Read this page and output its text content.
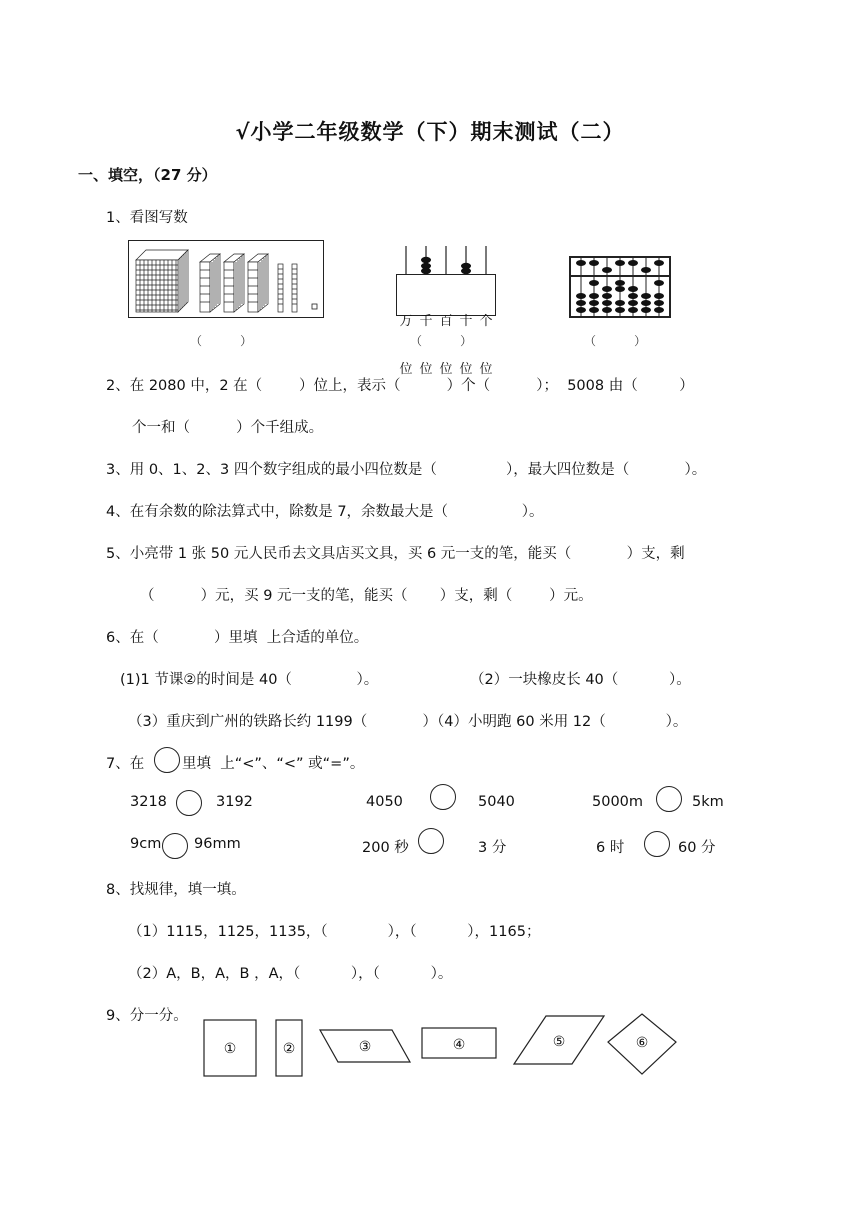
√小学二年级数学（下）期末测试（二）
一、填空，（27 分）
1、看图写数

万 千 百 十 个

位 位 位 位 位

（          ）	（          ）	（          ）
2、在 2080 中，2 在（        ）位上，表示（          ）个（          ）；  5008 由（         ）
个一和（          ）个千组成。
3、用 0、1、2、3 四个数字组成的最小四位数是（               ），最大四位数是（            ）。
4、在有余数的除法算式中，除数是 7，余数最大是（                ）。
5、小亮带 1 张 50 元人民币去文具店买文具，买 6 元一支的笔，能买（            ）支，剩
（          ）元，买 9 元一支的笔，能买（       ）支，剩（        ）元。
6、在（            ）里填  上合适的单位。
(1)1 节课②的时间是 40（              ）。	（2）一块橡皮长 40（           ）。
（3）重庆到广州的铁路长约 1199（            ）（4）小明跑 60 米用 12（             ）。
7、在	里填  上“<”、“<” 或“=”。
3218	3192	4050	5040	5000m	5km
9cm 96mm	200 秒	3 分	6 时	60 分
8、找规律，填一填。
（1）1115，1125，1135，（             ），（           ），1165；
（2）A，B，A，B ，A，（           ），（           ）。
9、分一分。
①	②	③	④	⑤	⑥
